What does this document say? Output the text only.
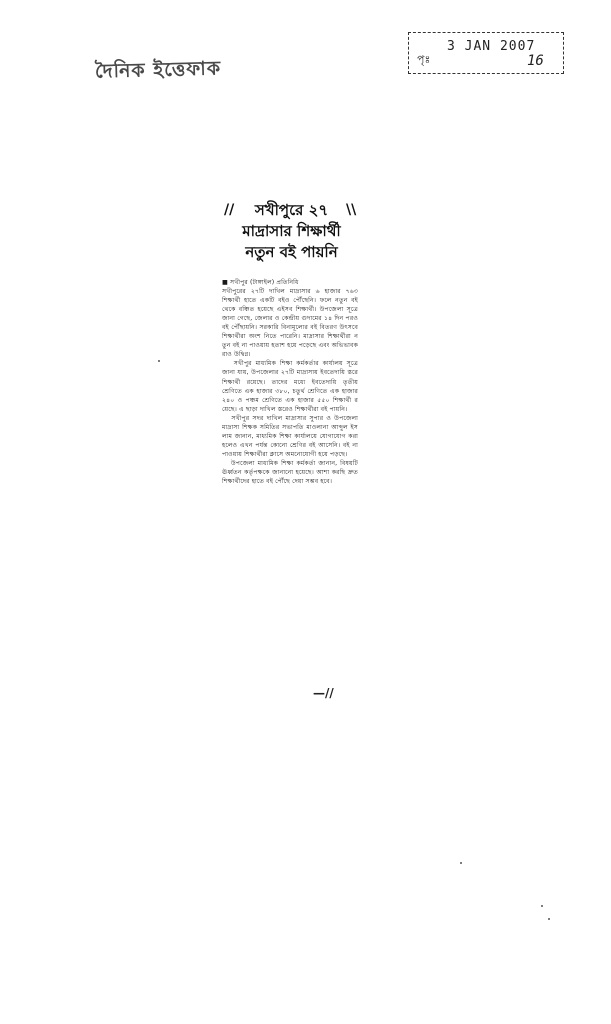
দৈনিক ইত্তেফাক	পৃঃ
3 JAN 2007
16
//	\\
সখীপুরে ২৭
মাদ্রাসার শিক্ষার্থী
নতুন বই পায়নি
■ সখীপুর (টাঙ্গাইল) প্রতিনিধি
সখীপুরের ২৭টি দাখিল মাদ্রাসার ৬ হাজার ৭৬৩ শিক্ষার্থী হাতে একটি বইও পৌঁছেনি। ফলে নতুন বই থেকে বঞ্চিত হয়েছে এইসব শিক্ষার্থী। উপজেলা সূত্রে জানা গেছে, জেলার ও কেন্দ্রীয় গুদামের ১৪ দিন পরও বই পৌঁছায়নি। সরকারি বিনামূল্যের বই বিতরণ উৎসবে শিক্ষার্থীরা অংশ নিতে পারেনি। মাদ্রাসার শিক্ষার্থীরা নতুন বই না পাওয়ায় হতাশ হয়ে পড়েছে এবং অভিভাবকরাও উদ্বিগ্ন।
সখীপুর মাধ্যমিক শিক্ষা কর্মকর্তার কার্যালয় সূত্রে জানা যায়, উপজেলার ২৭টি মাদ্রাসায় ইবতেদায়ি স্তরে শিক্ষার্থী রয়েছে। তাদের মধ্যে ইবতেদায়ি তৃতীয় শ্রেণিতে এক হাজার ৩৮০, চতুর্থ শ্রেণিতে এক হাজার ২৪০ ও পঞ্চম শ্রেণিতে এক হাজার ৫৫০ শিক্ষার্থী রয়েছে। এ ছাড়া দাখিল স্তরেও শিক্ষার্থীরা বই পায়নি।
সখীপুর সদর দাখিল মাদ্রাসার সুপার ও উপজেলা মাদ্রাসা শিক্ষক সমিতির সভাপতি মাওলানা আব্দুল ইসলাম জানান, মাধ্যমিক শিক্ষা কার্যালয়ে যোগাযোগ করা হলেও এখন পর্যন্ত কোনো শ্রেণির বই আসেনি। বই না পাওয়ায় শিক্ষার্থীরা ক্লাসে অমনোযোগী হয়ে পড়ছে।
উপজেলা মাধ্যমিক শিক্ষা কর্মকর্তা জানান, বিষয়টি ঊর্ধ্বতন কর্তৃপক্ষকে জানানো হয়েছে। আশা করছি দ্রুত শিক্ষার্থীদের হাতে বই পৌঁছে দেয়া সম্ভব হবে।
—//
